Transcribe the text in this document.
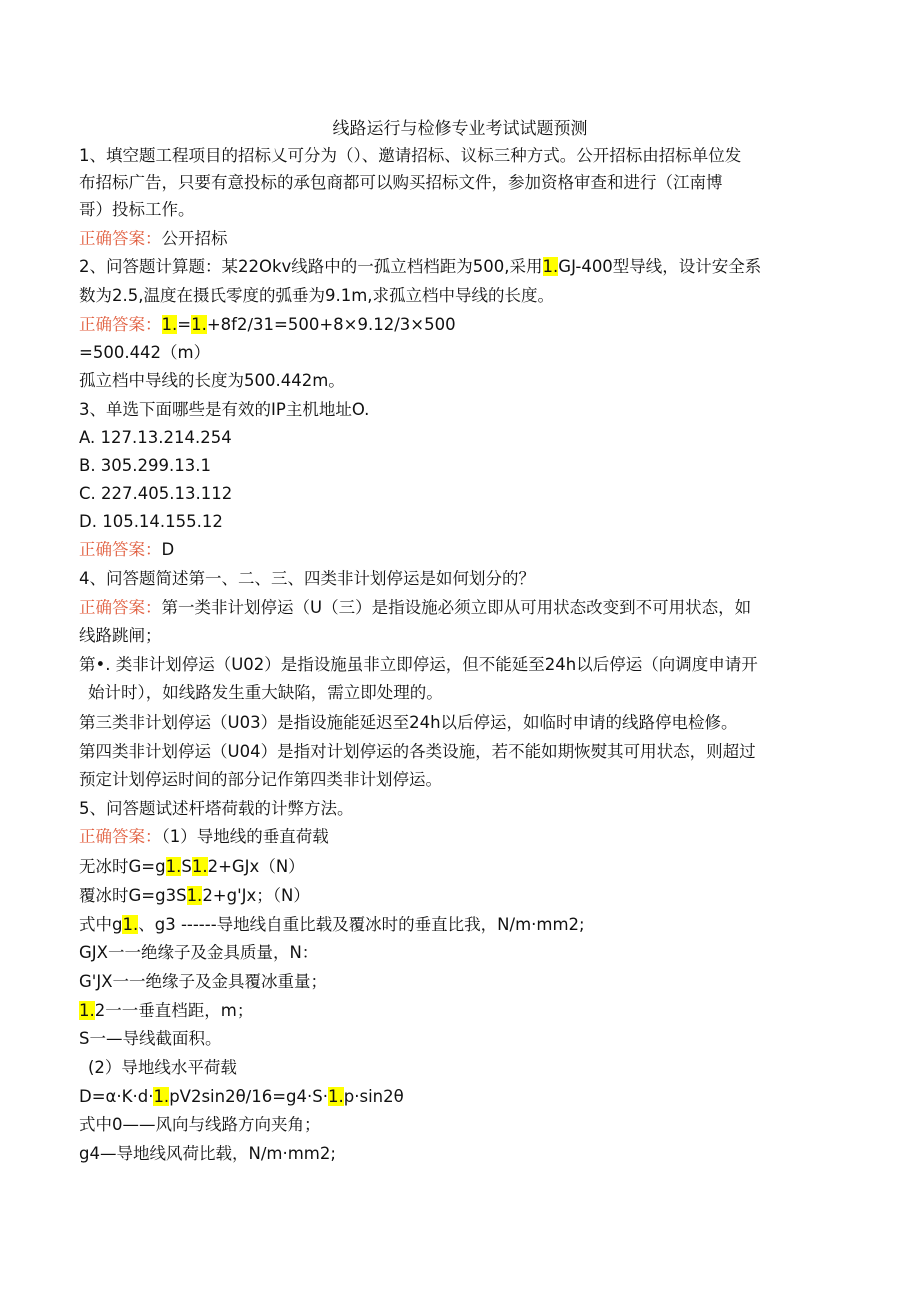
线路运行与检修专业考试试题预测
1、填空题工程项目的招标乂可分为（）、邀请招标、议标三种方式。公开招标由招标单位发
布招标广告，只要有意投标的承包商都可以购买招标文件，参加资格审查和进行（江南博
哥）投标工作。
正确答案：公开招标
2、问答题计算题：某22Okv线路中的一孤立档档距为500,采用1.GJ-400型导线，设计安全系
数为2.5,温度在摄氏零度的弧垂为9.1m,求孤立档中导线的长度。
正确答案：1.=1.+8f2∕31=500+8×9.12/3×500
=500.442（m）
孤立档中导线的长度为500.442m。
3、单选下面哪些是有效的IP主机地址O.
A. 127.13.214.254
B. 305.299.13.1
C. 227.405.13.112
D. 105.14.155.12
正确答案：D
4、问答题简述第一、二、三、四类非计划停运是如何划分的？
正确答案：第一类非计划停运（U（三）是指设施必须立即从可用状态改变到不可用状态，如
线路跳闸；
第•. 类非计划停运（U02）是指设施虽非立即停运，但不能延至24h以后停运（向调度申请开
始计时），如线路发生重大缺陷，需立即处理的。
第三类非计划停运（U03）是指设施能延迟至24h以后停运，如临时申请的线路停电检修。
第四类非计划停运（U04）是指对计划停运的各类设施，若不能如期恢熨其可用状态，则超过
预定计划停运时间的部分记作第四类非计划停运。
5、问答题试述杆塔荷载的计弊方法。
正确答案：（1）导地线的垂直荷载
无冰时G=g1.S1.2+GJx（N）
覆冰时G=g3S1.2+g'Jx；（N）
式中g1.、g3 ------导地线自重比载及覆冰时的垂直比我，N/m·mm2;
GJX一一绝缘子及金具质量，N：
G'JX一一绝缘子及金具覆冰重量；
1.2一一垂直档距，m；
S一—导线截面积。
(2）导地线水平荷载
D=α·K·d·1.pV2sin2θ∕16=g4·S·1.p·sin2θ
式中0——风向与线路方向夹角；
g4—导地线风荷比载，N∕m·mm2;
